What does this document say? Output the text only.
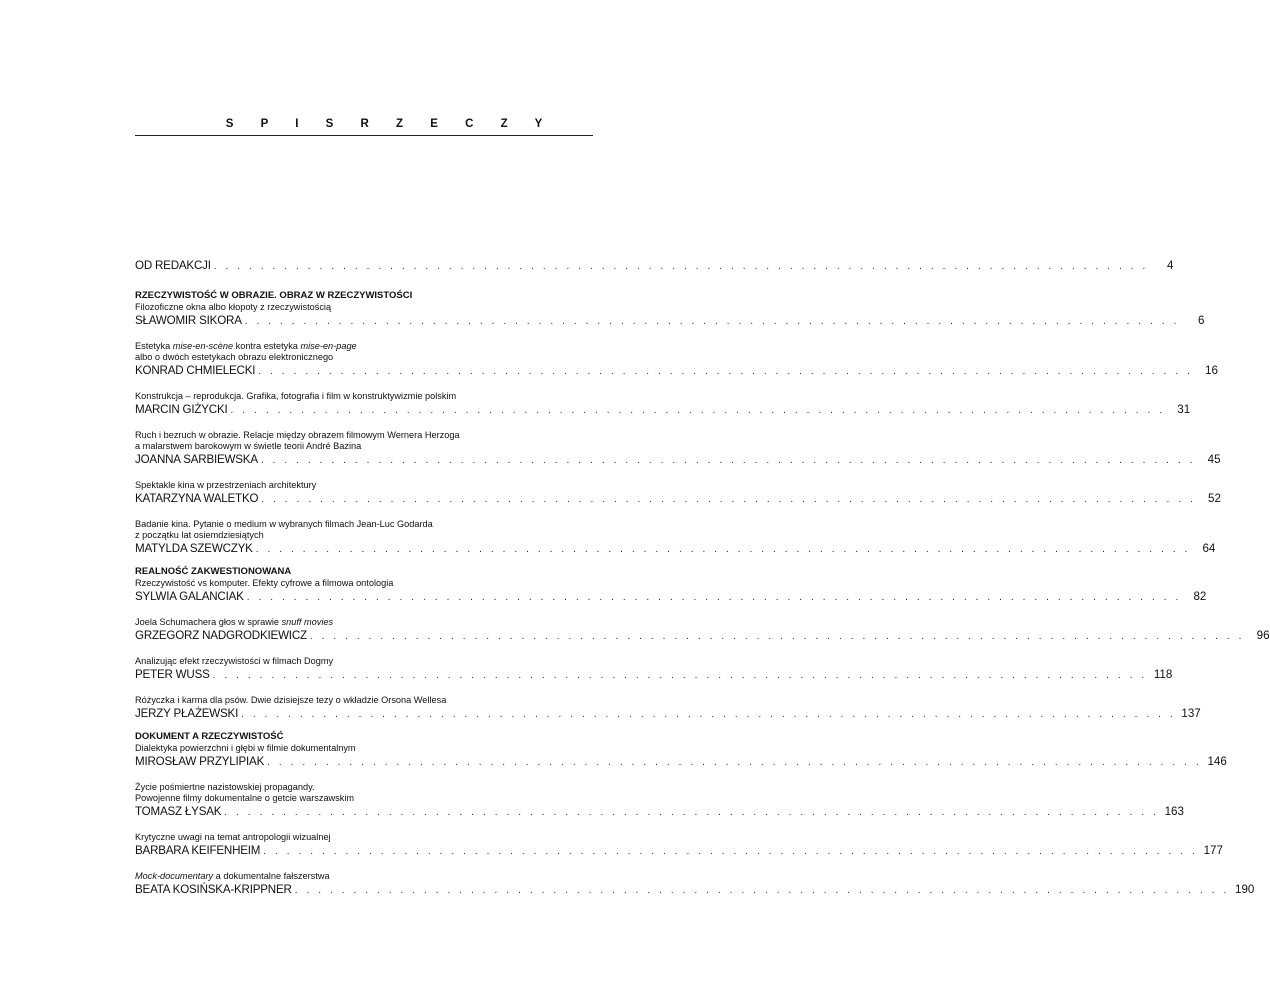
S P I S R Z E C Z Y
OD REDAKCJI . . . . . . . . . . . . . . . . . . . . . . . . . . . . . . . . . . . . . . . . . . . . . . . . . . . . . . . . . . . . . . . . . . . . . . . . . . . . . . . .	4
RZECZYWISTOŚĆ W OBRAZIE. OBRAZ W RZECZYWISTOŚCI
Filozoficzne okna albo kłopoty z rzeczywistością
SŁAWOMIR SIKORA . . . . . . . . . . . . . . . . . . . . . . . . . . . . . . . . . . . . . . . . . . . . . . . . . . . . . . . . . . . . . . . . . . . . . . . . . . . . . . . .	6
Estetyka mise-en-scène kontra estetyka mise-en-page
albo o dwóch estetykach obrazu elektronicznego
KONRAD CHMIELECKI . . . . . . . . . . . . . . . . . . . . . . . . . . . . . . . . . . . . . . . . . . . . . . . . . . . . . . . . . . . . . . . . . . . . . . . . . . . . . . . .	16
Konstrukcja – reprodukcja. Grafika, fotografia i film w konstruktywizmie polskim
MARCIN GIŻYCKI . . . . . . . . . . . . . . . . . . . . . . . . . . . . . . . . . . . . . . . . . . . . . . . . . . . . . . . . . . . . . . . . . . . . . . . . . . . . . . . .	31
Ruch i bezruch w obrazie. Relacje między obrazem filmowym Wernera Herzoga
a malarstwem barokowym w świetle teorii André Bazina
JOANNA SARBIEWSKA . . . . . . . . . . . . . . . . . . . . . . . . . . . . . . . . . . . . . . . . . . . . . . . . . . . . . . . . . . . . . . . . . . . . . . . . . . . . . . . .	45
Spektakle kina w przestrzeniach architektury
KATARZYNA WALETKO . . . . . . . . . . . . . . . . . . . . . . . . . . . . . . . . . . . . . . . . . . . . . . . . . . . . . . . . . . . . . . . . . . . . . . . . . . . . . . . .	52
Badanie kina. Pytanie o medium w wybranych filmach Jean-Luc Godarda
z początku lat osiemdziesiątych
MATYLDA SZEWCZYK . . . . . . . . . . . . . . . . . . . . . . . . . . . . . . . . . . . . . . . . . . . . . . . . . . . . . . . . . . . . . . . . . . . . . . . . . . . . . . . .	64
REALNOŚĆ ZAKWESTIONOWANA
Rzeczywistość vs komputer. Efekty cyfrowe a filmowa ontologia
SYLWIA GALANCIAK . . . . . . . . . . . . . . . . . . . . . . . . . . . . . . . . . . . . . . . . . . . . . . . . . . . . . . . . . . . . . . . . . . . . . . . . . . . . . . . .	82
Joela Schumachera głos w sprawie snuff movies
GRZEGORZ NADGRODKIEWICZ . . . . . . . . . . . . . . . . . . . . . . . . . . . . . . . . . . . . . . . . . . . . . . . . . . . . . . . . . . . . . . . . . . . . . . . . . . . . . . . .	96
Analizując efekt rzeczywistości w filmach Dogmy
PETER WUSS . . . . . . . . . . . . . . . . . . . . . . . . . . . . . . . . . . . . . . . . . . . . . . . . . . . . . . . . . . . . . . . . . . . . . . . . . . . . . . . . 118
Różyczka i karma dla psów. Dwie dzisiejsze tezy o wkładzie Orsona Wellesa
JERZY PŁAŻEWSKI . . . . . . . . . . . . . . . . . . . . . . . . . . . . . . . . . . . . . . . . . . . . . . . . . . . . . . . . . . . . . . . . . . . . . . . . . . . . . . . . 137
DOKUMENT A RZECZYWISTOŚĆ
Dialektyka powierzchni i głębi w filmie dokumentalnym
MIROSŁAW PRZYLIPIAK . . . . . . . . . . . . . . . . . . . . . . . . . . . . . . . . . . . . . . . . . . . . . . . . . . . . . . . . . . . . . . . . . . . . . . . . . . . . . . . . 146
Życie pośmiertne nazistowskiej propagandy.
Powojenne filmy dokumentalne o getcie warszawskim
TOMASZ ŁYSAK . . . . . . . . . . . . . . . . . . . . . . . . . . . . . . . . . . . . . . . . . . . . . . . . . . . . . . . . . . . . . . . . . . . . . . . . . . . . . . . . 163
Krytyczne uwagi na temat antropologii wizualnej
BARBARA KEIFENHEIM . . . . . . . . . . . . . . . . . . . . . . . . . . . . . . . . . . . . . . . . . . . . . . . . . . . . . . . . . . . . . . . . . . . . . . . . . . . . . . . . 177
Mock-documentary a dokumentalne fałszerstwa
BEATA KOSIŃSKA-KRIPPNER . . . . . . . . . . . . . . . . . . . . . . . . . . . . . . . . . . . . . . . . . . . . . . . . . . . . . . . . . . . . . . . . . . . . . . . . . . . . . . . . 190
